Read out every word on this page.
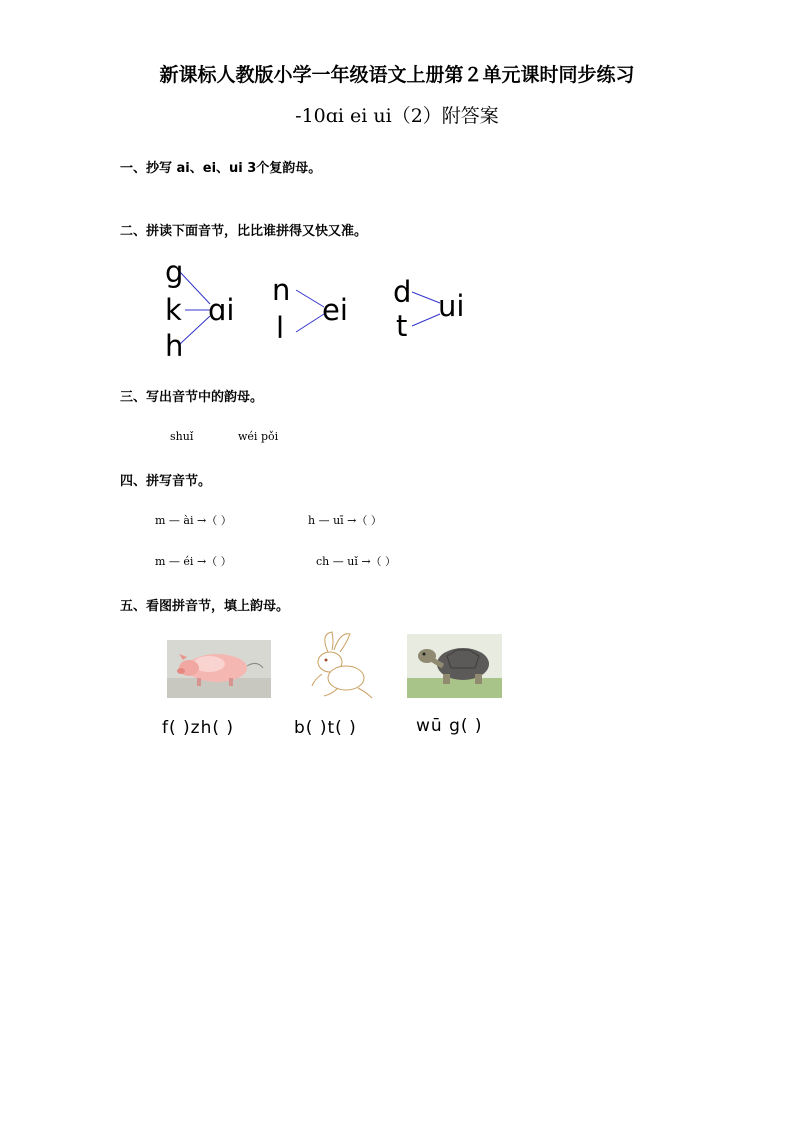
新课标人教版小学一年级语文上册第２单元课时同步练习
-10ɑi ei ui（2）附答案
一、抄写 ai、ei、ui 3个复韵母。
二、拼读下面音节，比比谁拼得又快又准。
g
k
h
ɑi
n
l
ei
d
t
ui
三、写出音节中的韵母。
shuǐ	wéi pǒi
四、拼写音节。
m — ài →（ ）	h — uī →（ ）
m — éi →（ ）	ch — uǐ →（ ）
五、看图拼音节，填上韵母。
f( )zh( )	b( )t( )	wū g( )
